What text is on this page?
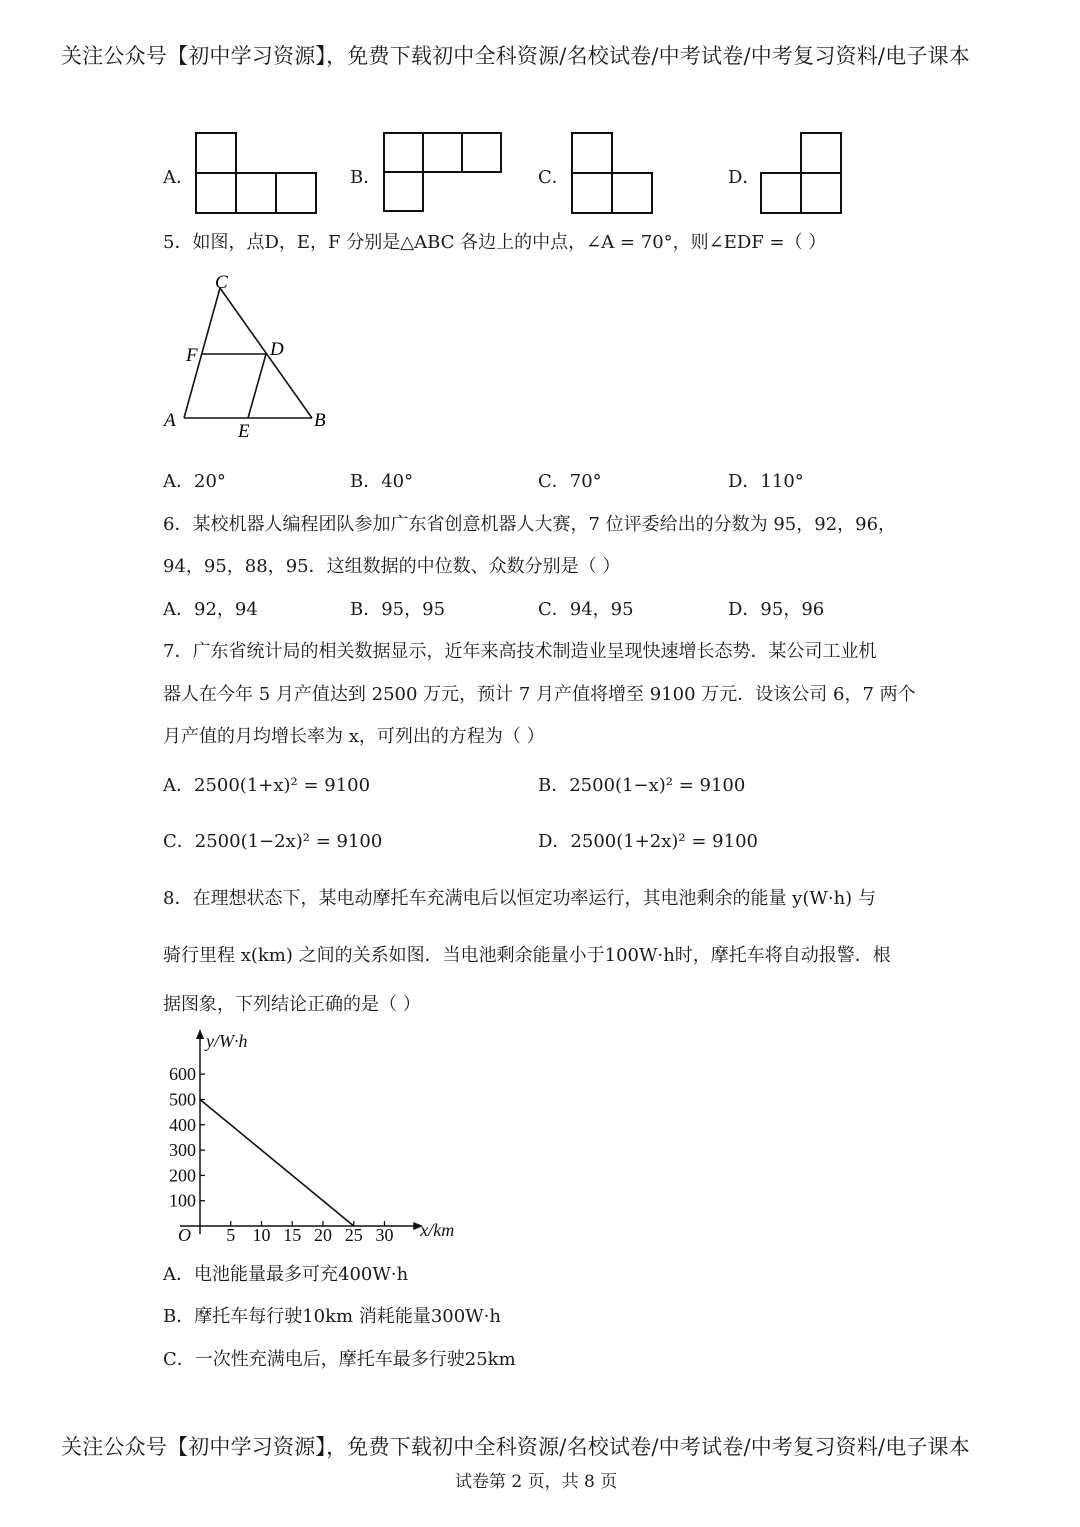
关注公众号【初中学习资源】，免费下载初中全科资源/名校试卷/中考试卷/中考复习资料/电子课本
A．	B．	C．	D．
5．如图，点D，E，F 分别是△ABC 各边上的中点，∠A = 70°，则∠EDF =（ ）
C
F	D
A
E
B
A．20°	B．40°	C．70°	D．110°
6．某校机器人编程团队参加广东省创意机器人大赛，7 位评委给出的分数为 95，92，96，
94，95，88，95．这组数据的中位数、众数分别是（ ）
A．92，94	B．95，95	C．94，95	D．95，96
7．广东省统计局的相关数据显示，近年来高技术制造业呈现快速增长态势．某公司工业机
器人在今年 5 月产值达到 2500 万元，预计 7 月产值将增至 9100 万元．设该公司 6，7 两个
月产值的月均增长率为 x，可列出的方程为（ ）
A．2500(1+x)² = 9100	B．2500(1−x)² = 9100
C．2500(1−2x)² = 9100	D．2500(1+2x)² = 9100
8．在理想状态下，某电动摩托车充满电后以恒定功率运行，其电池剩余的能量 y(W·h) 与
骑行里程 x(km) 之间的关系如图．当电池剩余能量小于100W·h时，摩托车将自动报警．根
据图象，下列结论正确的是（ ）
y/W·h
x/km
O
100
200
300
400
500
600
5 10 15 20 25 30
A．电池能量最多可充400W·h
B．摩托车每行驶10km 消耗能量300W·h
C．一次性充满电后，摩托车最多行驶25km
关注公众号【初中学习资源】，免费下载初中全科资源/名校试卷/中考试卷/中考复习资料/电子课本
试卷第 2 页，共 8 页
